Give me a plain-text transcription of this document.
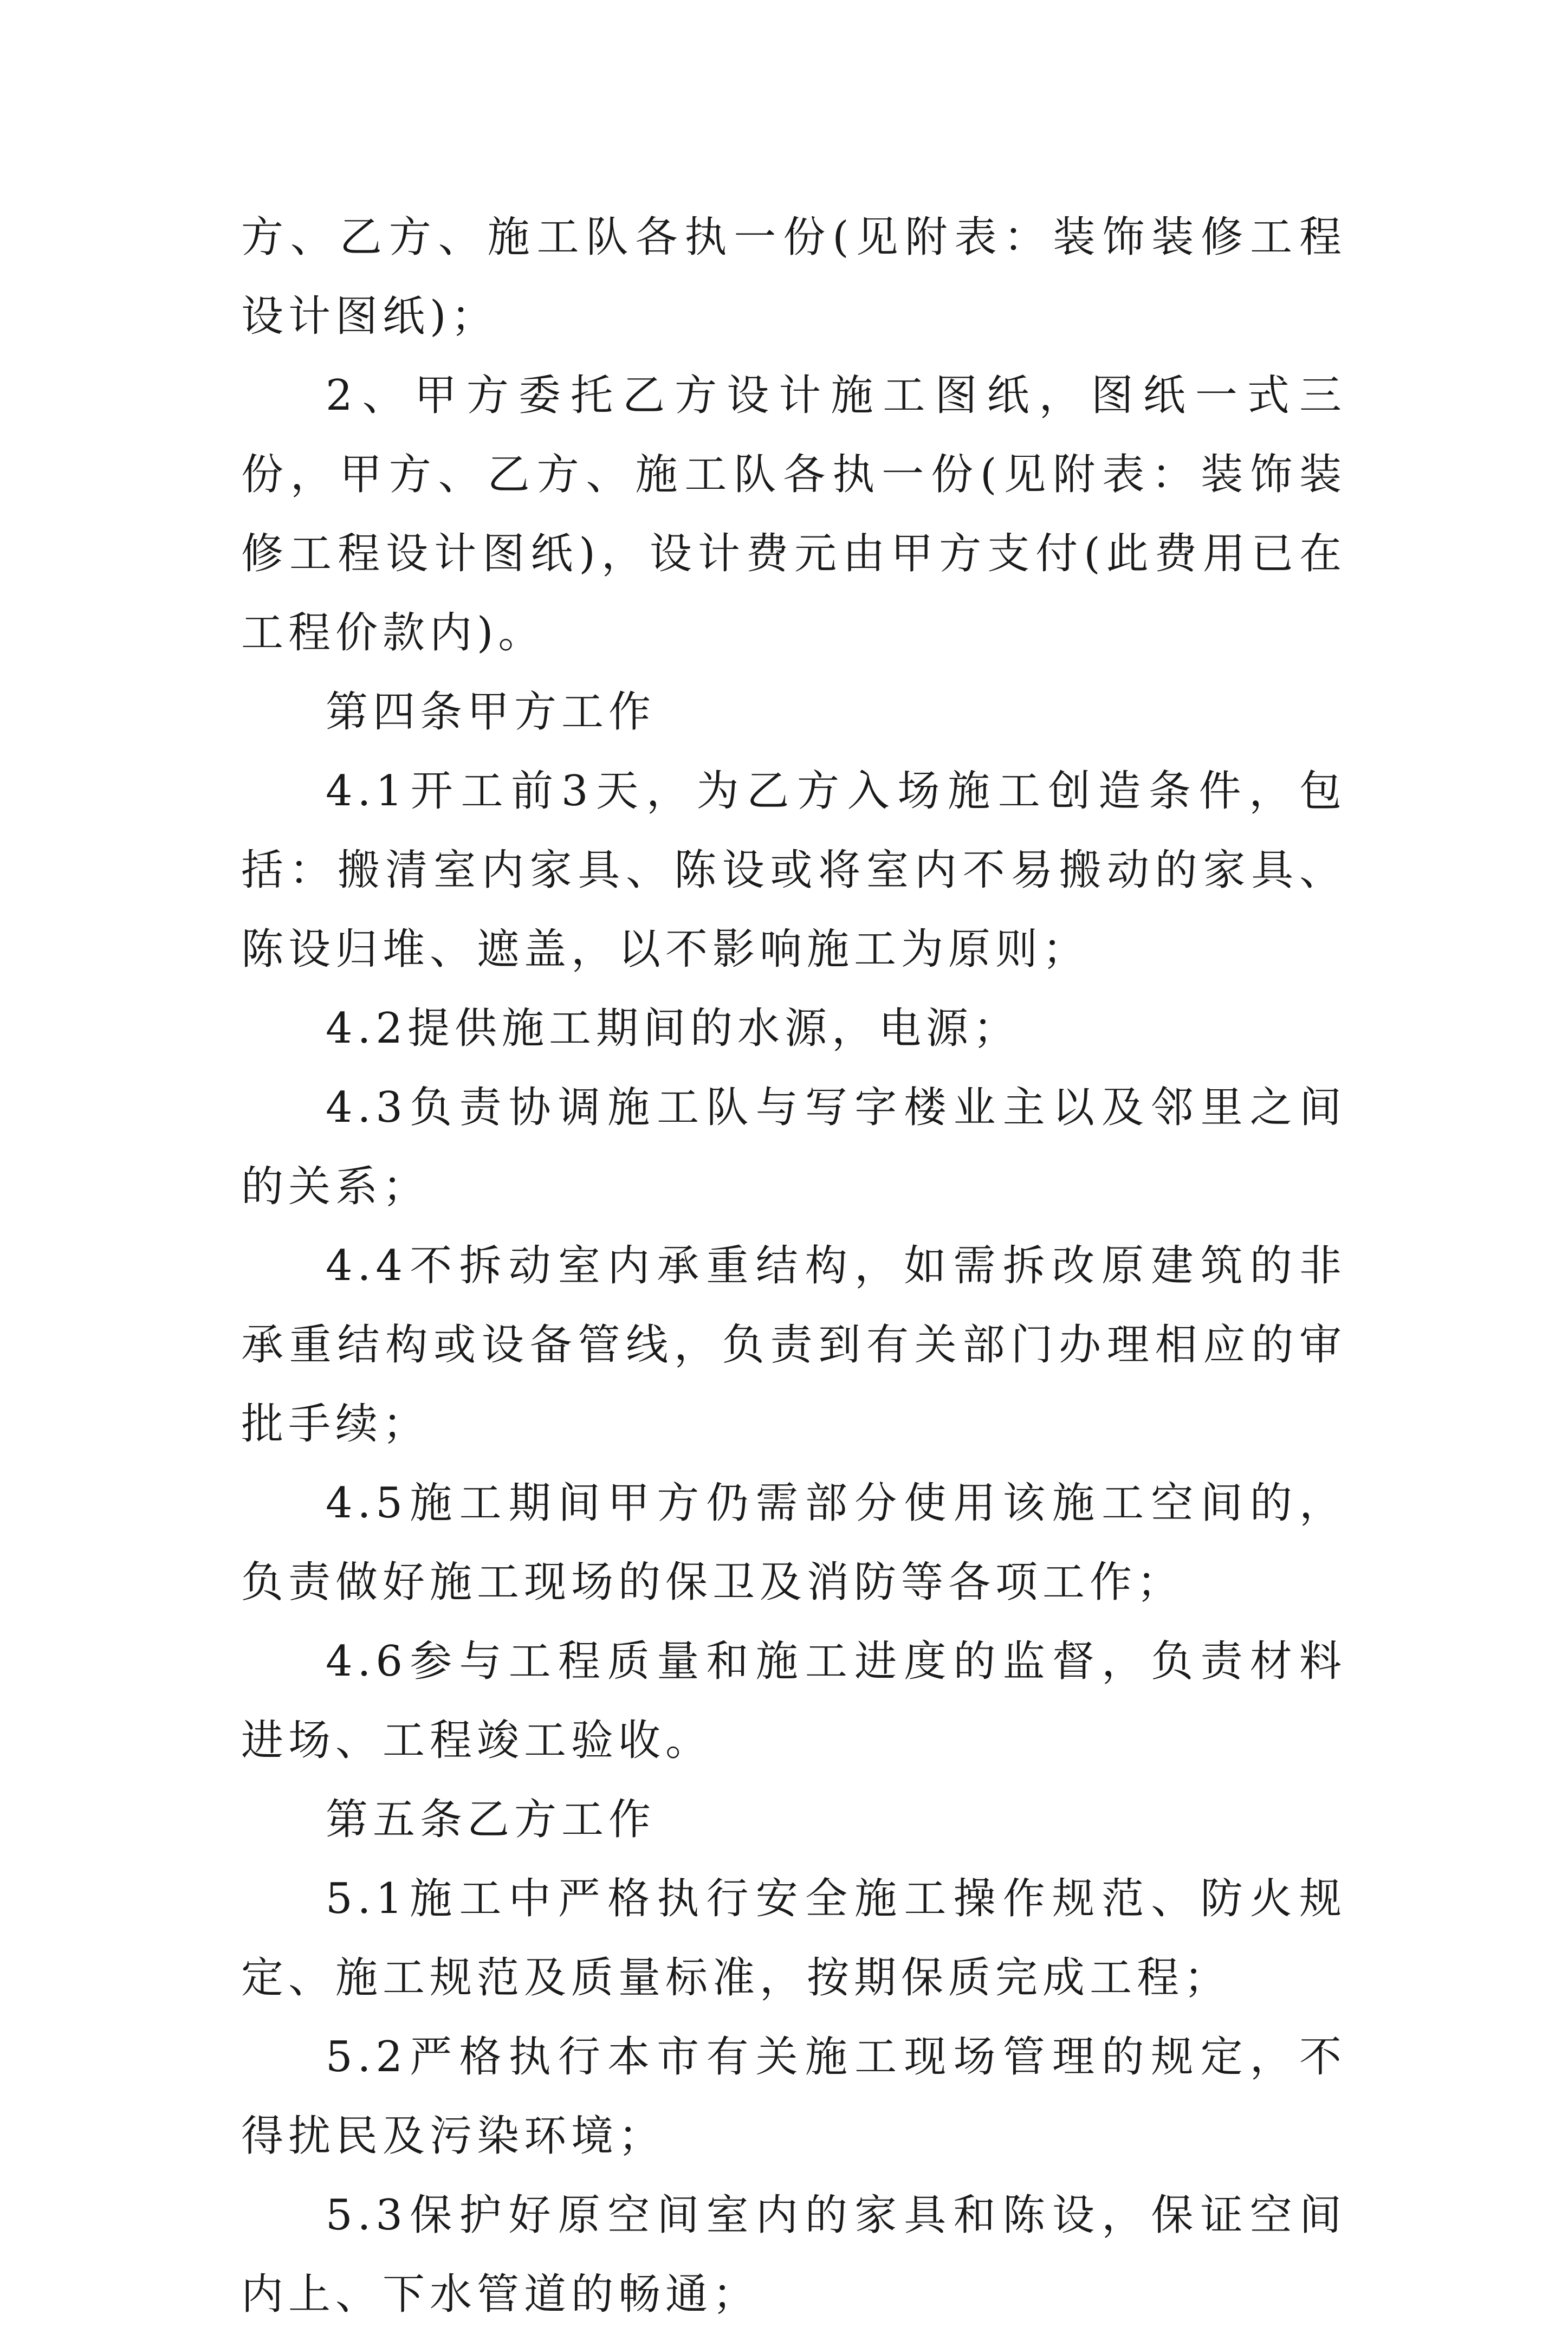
方、乙方、施工队各执一份(见附表：装饰装修工程设计图纸)；

2、甲方委托乙方设计施工图纸，图纸一式三份，甲方、乙方、施工队各执一份(见附表：装饰装修工程设计图纸)，设计费元由甲方支付(此费用已在工程价款内)。

第四条甲方工作

4.1开工前3天，为乙方入场施工创造条件，包括：搬清室内家具、陈设或将室内不易搬动的家具、陈设归堆、遮盖，以不影响施工为原则；

4.2提供施工期间的水源，电源；

4.3负责协调施工队与写字楼业主以及邻里之间的关系；

4.4不拆动室内承重结构，如需拆改原建筑的非承重结构或设备管线，负责到有关部门办理相应的审批手续；

4.5施工期间甲方仍需部分使用该施工空间的，负责做好施工现场的保卫及消防等各项工作；

4.6参与工程质量和施工进度的监督，负责材料进场、工程竣工验收。

第五条乙方工作

5.1施工中严格执行安全施工操作规范、防火规定、施工规范及质量标准，按期保质完成工程；

5.2严格执行本市有关施工现场管理的规定，不得扰民及污染环境；

5.3保护好原空间室内的家具和陈设，保证空间内上、下水管道的畅通；
